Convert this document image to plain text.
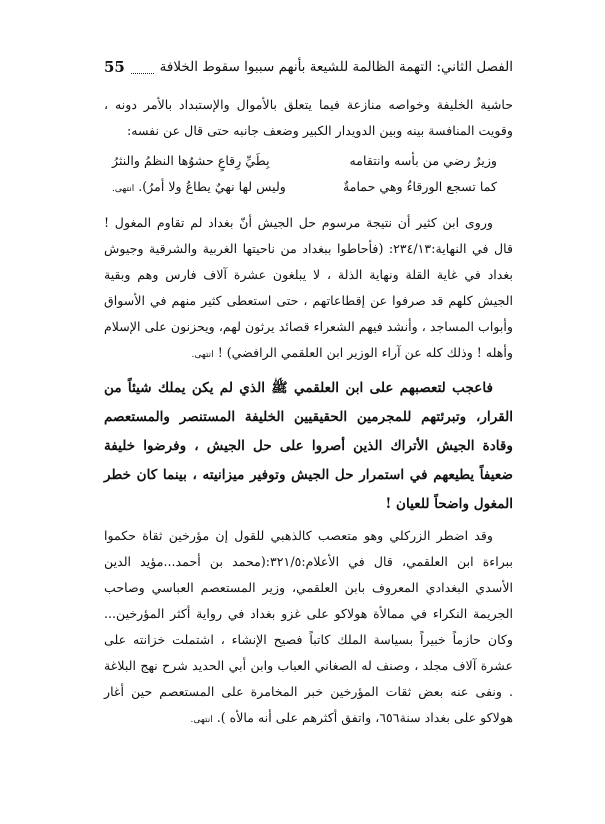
الفصل الثاني: التهمة الظالمة للشيعة بأنهم سببوا سقوط الخلافة
55

حاشية الخليفة وخواصه منازعة فيما يتعلق بالأموال والإستبداد بالأمر دونه ، وقويت المنافسة بينه وبين الدويدار الكبير وضعف جانبه حتى قال عن نفسه:

وزيرٌ رضي من بأسه وانتقامه
بِطَيِّ رِقاعٍ حشوُها النظمُ والنثرُ
كما تسجع الورقاءُ وهي حمامةٌ
وليس لها نهيٌ يطاعُ ولا أمرُ). انتهى.

وروى ابن كثير أن نتيجة مرسوم حل الجيش أنّ بغداد لم تقاوم المغول ! قال في النهاية:٢٣٤/١٣: (فأحاطوا ببغداد من ناحيتها الغربية والشرقية وجيوش بغداد في غاية القلة ونهاية الذلة ، لا يبلغون عشرة آلاف فارس وهم وبقية الجيش كلهم قد صرفوا عن إقطاعاتهم ، حتى استعطى كثير منهم في الأسواق وأبواب المساجد ، وأنشد فيهم الشعراء قصائد يرثون لهم، ويحزنون على الإسلام وأهله ! وذلك كله عن آراء الوزير ابن العلقمي الرافضي) ! انتهى.

فاعجب لتعصبهم على ابن العلقمي ﷺ الذي لم يكن يملك شيئاً من القرار، وتبرئتهم للمجرمين الحقيقيين الخليفة المستنصر والمستعصم وقادة الجيش الأتراك الذين أصروا على حل الجيش ، وفرضوا خليفة ضعيفاً يطيعهم في استمرار حل الجيش وتوفير ميزانيته ، بينما كان خطر المغول واضحاً للعيان !

وقد اضطر الزركلي وهو متعصب كالذهبي للقول إن مؤرخين ثقاة حكموا ببراءة ابن العلقمي، قال في الأعلام:٣٢١/٥:(محمد بن أحمد...مؤيد الدين الأسدي البغدادي المعروف بابن العلقمي، وزير المستعصم العباسي وصاحب الجريمة النكراء في ممالأة هولاكو على غزو بغداد في رواية أكثر المؤرخين... وكان حازماً خبيراً بسياسة الملك كاتباً فصيح الإنشاء ، اشتملت خزانته على عشرة آلاف مجلد ، وصنف له الصغاني العباب وابن أبي الحديد شرح نهج البلاغة . ونفى عنه بعض ثقات المؤرخين خبر المخامرة على المستعصم حين أغار هولاكو على بغداد سنة٦٥٦، واتفق أكثرهم على أنه مالأه ). انتهى.
